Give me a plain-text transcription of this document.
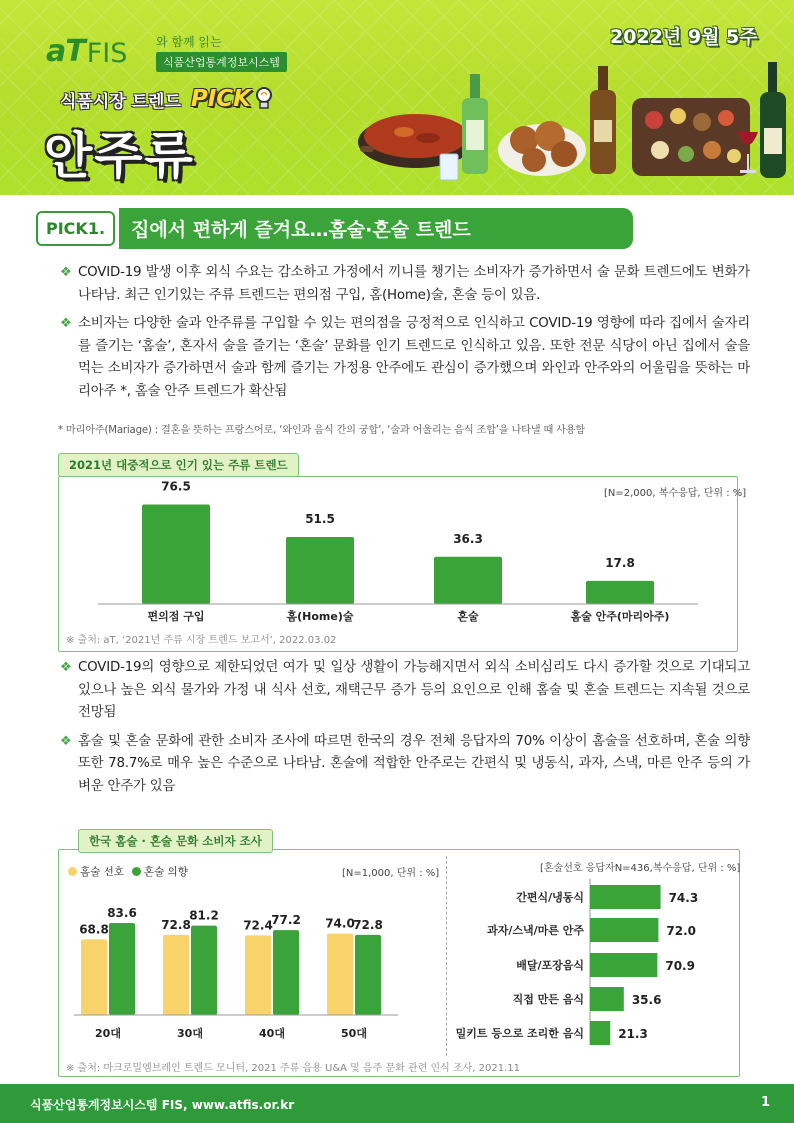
aT FIS 와 함께 읽는
식품산업통계정보시스템
2022년 9월 5주
식품시장 트렌드 PICK
안주류
PICK1.	집에서 편하게 즐겨요…홈술·혼술 트렌드
❖ COVID-19 발생 이후 외식 수요는 감소하고 가정에서 끼니를 챙기는 소비자가 증가하면서 술 문화 트렌드에도 변화가 나타남. 최근 인기있는 주류 트렌드는 편의점 구입, 홈(Home)술, 혼술 등이 있음.
❖ 소비자는 다양한 술과 안주류를 구입할 수 있는 편의점을 긍정적으로 인식하고 COVID-19 영향에 따라 집에서 술자리를 즐기는 ‘홈술’, 혼자서 술을 즐기는 ‘혼술’ 문화를 인기 트렌드로 인식하고 있음. 또한 전문 식당이 아닌 집에서 술을 먹는 소비자가 증가하면서 술과 함께 즐기는 가정용 안주에도 관심이 증가했으며 와인과 안주와의 어울림을 뜻하는 마리아주 *, 홈술 안주 트렌드가 확산됨
* 마리아주(Mariage) : 결혼을 뜻하는 프랑스어로, ‘와인과 음식 간의 궁합’, ‘술과 어울리는 음식 조합’을 나타낼 때 사용함
2021년 대중적으로 인기 있는 주류 트렌드
[N=2,000, 복수응답, 단위 : %]
76.5
편의점 구입
51.5
홈(Home)술
36.3
혼술
17.8
홈술 안주(마리아주)
※ 출처: aT, ‘2021년 주류 시장 트렌드 보고서’, 2022.03.02
❖ COVID-19의 영향으로 제한되었던 여가 및 일상 생활이 가능해지면서 외식 소비심리도 다시 증가할 것으로 기대되고 있으나 높은 외식 물가와 가정 내 식사 선호, 재택근무 증가 등의 요인으로 인해 홈술 및 혼술 트렌드는 지속될 것으로 전망됨
❖ 홈술 및 혼술 문화에 관한 소비자 조사에 따르면 한국의 경우 전체 응답자의 70% 이상이 홈술을 선호하며, 혼술 의향 또한 78.7%로 매우 높은 수준으로 나타남. 혼술에 적합한 안주로는 간편식 및 냉동식, 과자, 스낵, 마른 안주 등의 가벼운 안주가 있음
한국 홈술 · 혼술 문화 소비자 조사
홈술 선호 혼술 의향	[N=1,000, 단위 : %]	[혼술선호 응답자N=436,복수응답, 단위 : %]
68.8
83.6
20대
72.8
81.2
30대
72.4
77.2
40대
74.0
72.8
50대
간편식/냉동식	74.3
과자/스낵/마른 안주	72.0
배달/포장음식	70.9
직접 만든 음식	35.6
밀키트 등으로 조리한 음식	21.3
※ 출처: 마크로밀엠브레인 트렌드 모니터, 2021 주류 음용 U&A 및 음주 문화 관련 인식 조사, 2021.11
식품산업통계정보시스템 FIS, www.atfis.or.kr	1
